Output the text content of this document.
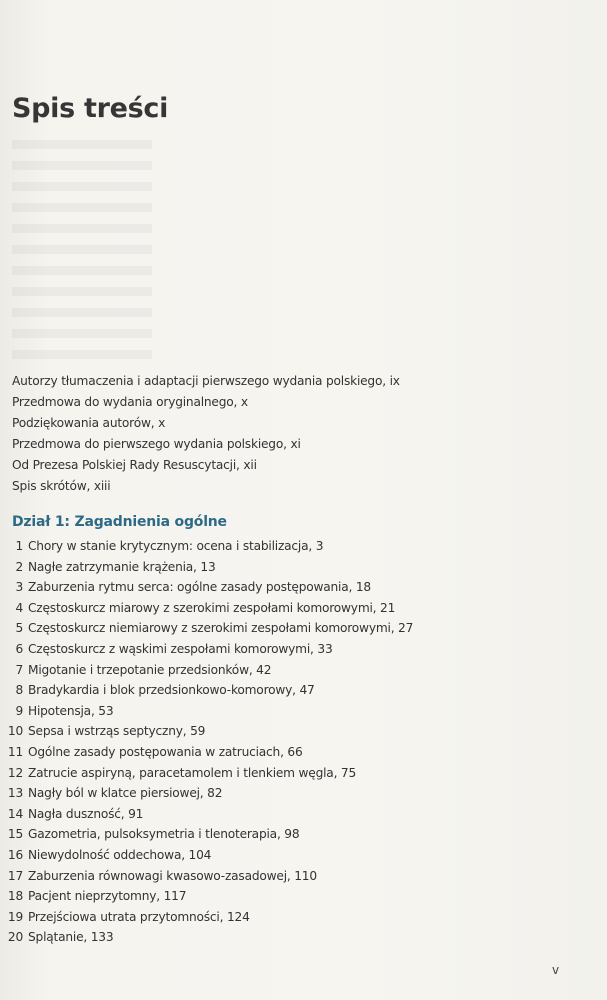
Spis treści
Autorzy tłumaczenia i adaptacji pierwszego wydania polskiego, ix
Przedmowa do wydania oryginalnego, x
Podziękowania autorów, x
Przedmowa do pierwszego wydania polskiego, xi
Od Prezesa Polskiej Rady Resuscytacji, xii
Spis skrótów, xiii
Dział 1: Zagadnienia ogólne
1 Chory w stanie krytycznym: ocena i stabilizacja, 3
2 Nagłe zatrzymanie krążenia, 13
3 Zaburzenia rytmu serca: ogólne zasady postępowania, 18
4 Częstoskurcz miarowy z szerokimi zespołami komorowymi, 21
5 Częstoskurcz niemiarowy z szerokimi zespołami komorowymi, 27
6 Częstoskurcz z wąskimi zespołami komorowymi, 33
7 Migotanie i trzepotanie przedsionków, 42
8 Bradykardia i blok przedsionkowo-komorowy, 47
9 Hipotensja, 53
10 Sepsa i wstrząs septyczny, 59
11 Ogólne zasady postępowania w zatruciach, 66
12 Zatrucie aspiryną, paracetamolem i tlenkiem węgla, 75
13 Nagły ból w klatce piersiowej, 82
14 Nagła duszność, 91
15 Gazometria, pulsoksymetria i tlenoterapia, 98
16 Niewydolność oddechowa, 104
17 Zaburzenia równowagi kwasowo-zasadowej, 110
18 Pacjent nieprzytomny, 117
19 Przejściowa utrata przytomności, 124
20 Splątanie, 133
v
